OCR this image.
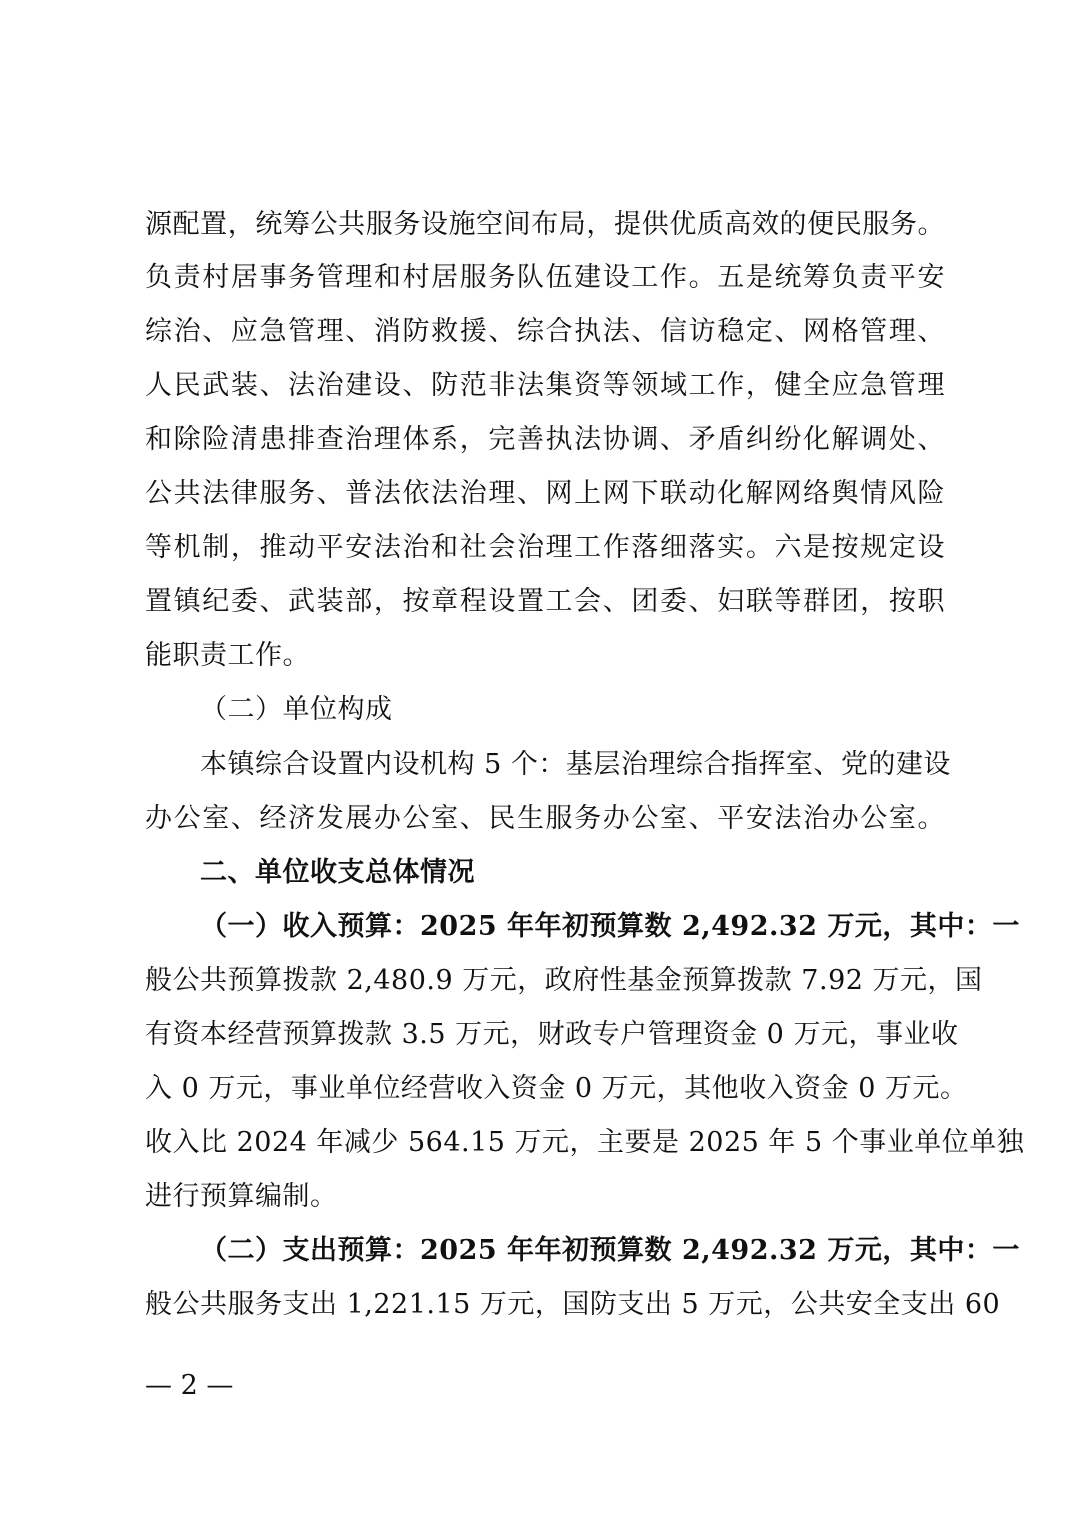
源配置，统筹公共服务设施空间布局，提供优质高效的便民服务。
负责村居事务管理和村居服务队伍建设工作。五是统筹负责平安
综治、应急管理、消防救援、综合执法、信访稳定、网格管理、
人民武装、法治建设、防范非法集资等领域工作，健全应急管理
和除险清患排查治理体系，完善执法协调、矛盾纠纷化解调处、
公共法律服务、普法依法治理、网上网下联动化解网络舆情风险
等机制，推动平安法治和社会治理工作落细落实。六是按规定设
置镇纪委、武装部，按章程设置工会、团委、妇联等群团，按职
能职责工作。
（二）单位构成
本镇综合设置内设机构 5 个：基层治理综合指挥室、党的建设
办公室、经济发展办公室、民生服务办公室、平安法治办公室。
二、单位收支总体情况
（一）收入预算：2025 年年初预算数 2,492.32 万元，其中：一
般公共预算拨款 2,480.9 万元，政府性基金预算拨款 7.92 万元，国
有资本经营预算拨款 3.5 万元，财政专户管理资金 0 万元，事业收
入 0 万元，事业单位经营收入资金 0 万元，其他收入资金 0 万元。
收入比 2024 年减少 564.15 万元，主要是 2025 年 5 个事业单位单独
进行预算编制。
（二）支出预算：2025 年年初预算数 2,492.32 万元，其中：一
般公共服务支出 1,221.15 万元，国防支出 5 万元，公共安全支出 60
— 2 —
